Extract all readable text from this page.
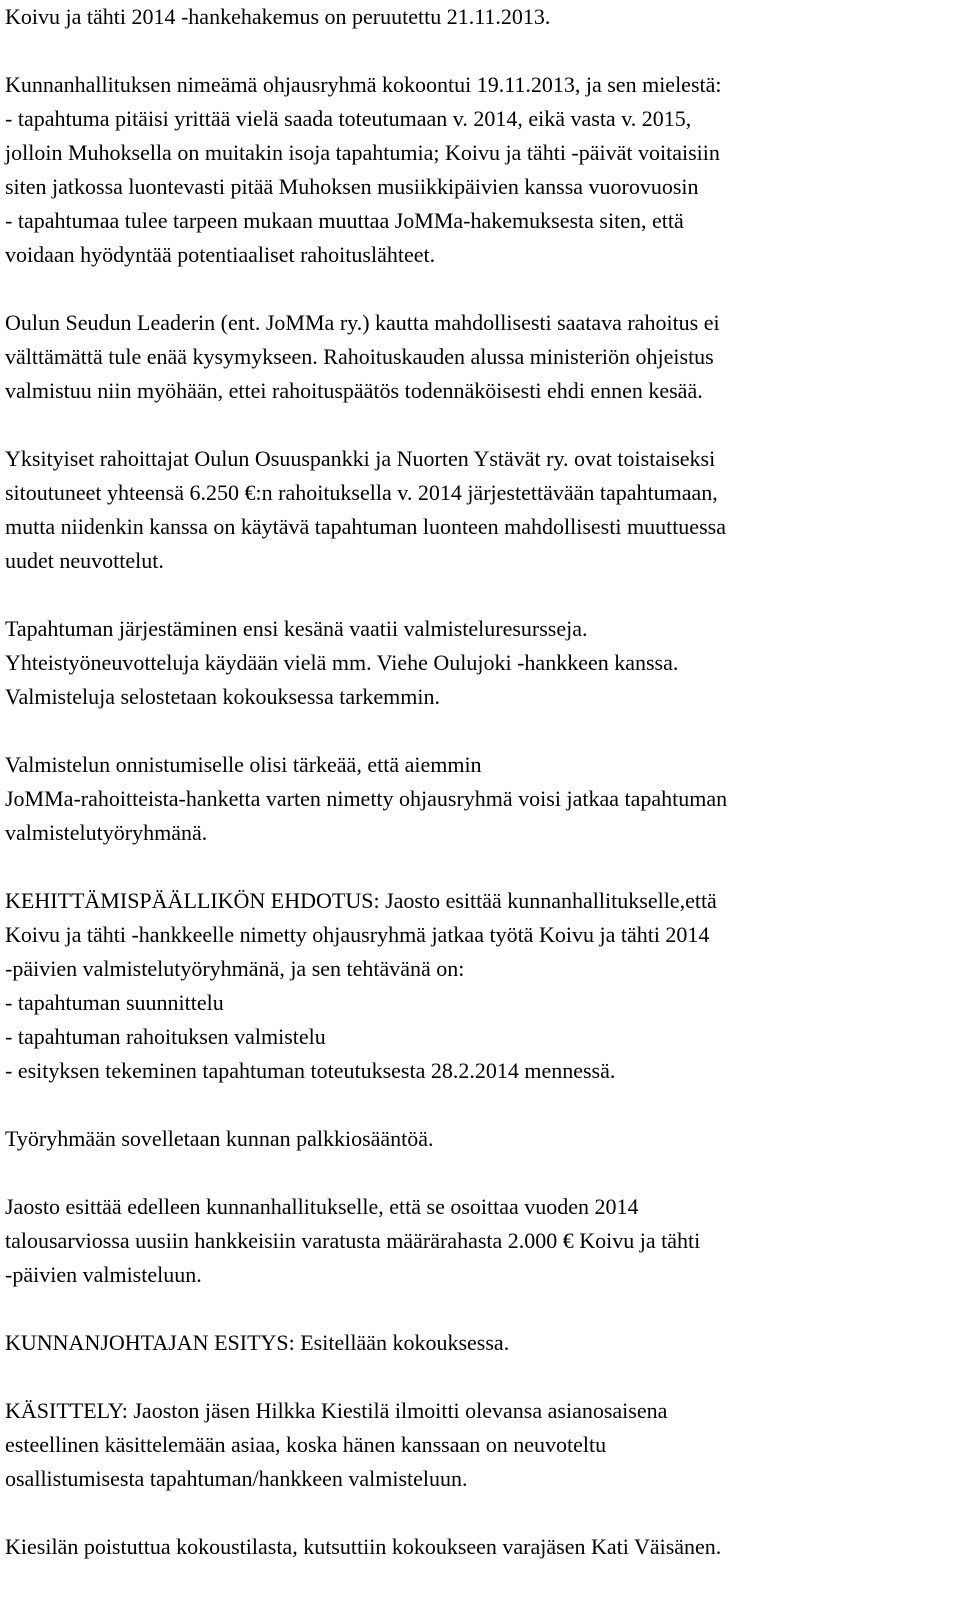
Koivu ja tähti 2014 -hankehakemus on peruutettu 21.11.2013.
Kunnanhallituksen nimeämä ohjausryhmä kokoontui 19.11.2013, ja sen mielestä:
- tapahtuma pitäisi yrittää vielä saada toteutumaan v. 2014, eikä vasta v. 2015,
jolloin Muhoksella on muitakin isoja tapahtumia; Koivu ja tähti -päivät voitaisiin
siten jatkossa luontevasti pitää Muhoksen musiikkipäivien kanssa vuorovuosin
- tapahtumaa tulee tarpeen mukaan muuttaa JoMMa-hakemuksesta siten, että
voidaan hyödyntää potentiaaliset rahoituslähteet.
Oulun Seudun Leaderin (ent. JoMMa ry.) kautta mahdollisesti saatava rahoitus ei
välttämättä tule enää kysymykseen. Rahoituskauden alussa ministeriön ohjeistus
valmistuu niin myöhään, ettei rahoituspäätös todennäköisesti ehdi ennen kesää.
Yksityiset rahoittajat Oulun Osuuspankki ja Nuorten Ystävät ry. ovat toistaiseksi
sitoutuneet yhteensä 6.250 €:n rahoituksella v. 2014 järjestettävään tapahtumaan,
mutta niidenkin kanssa on käytävä tapahtuman luonteen mahdollisesti muuttuessa
uudet neuvottelut.
Tapahtuman järjestäminen ensi kesänä vaatii valmisteluresursseja.
Yhteistyöneuvotteluja käydään vielä mm. Viehe Oulujoki -hankkeen kanssa.
Valmisteluja selostetaan kokouksessa tarkemmin.
Valmistelun onnistumiselle olisi tärkeää, että aiemmin
JoMMa-rahoitteista-hanketta varten nimetty ohjausryhmä voisi jatkaa tapahtuman
valmistelutyöryhmänä.
KEHITTÄMISPÄÄLLIKÖN EHDOTUS: Jaosto esittää kunnanhallitukselle,että
Koivu ja tähti -hankkeelle nimetty ohjausryhmä jatkaa työtä Koivu ja tähti 2014
-päivien valmistelutyöryhmänä, ja sen tehtävänä on:
- tapahtuman suunnittelu
- tapahtuman rahoituksen valmistelu
- esityksen tekeminen tapahtuman toteutuksesta 28.2.2014 mennessä.
Työryhmään sovelletaan kunnan palkkiosääntöä.
Jaosto esittää edelleen kunnanhallitukselle, että se osoittaa vuoden 2014
talousarviossa uusiin hankkeisiin varatusta määrärahasta 2.000 € Koivu ja tähti
-päivien valmisteluun.
KUNNANJOHTAJAN ESITYS: Esitellään kokouksessa.
KÄSITTELY: Jaoston jäsen Hilkka Kiestilä ilmoitti olevansa asianosaisena
esteellinen käsittelemään asiaa, koska hänen kanssaan on neuvoteltu
osallistumisesta tapahtuman/hankkeen valmisteluun.
Kiesilän poistuttua kokoustilasta, kutsuttiin kokoukseen varajäsen Kati Väisänen.
